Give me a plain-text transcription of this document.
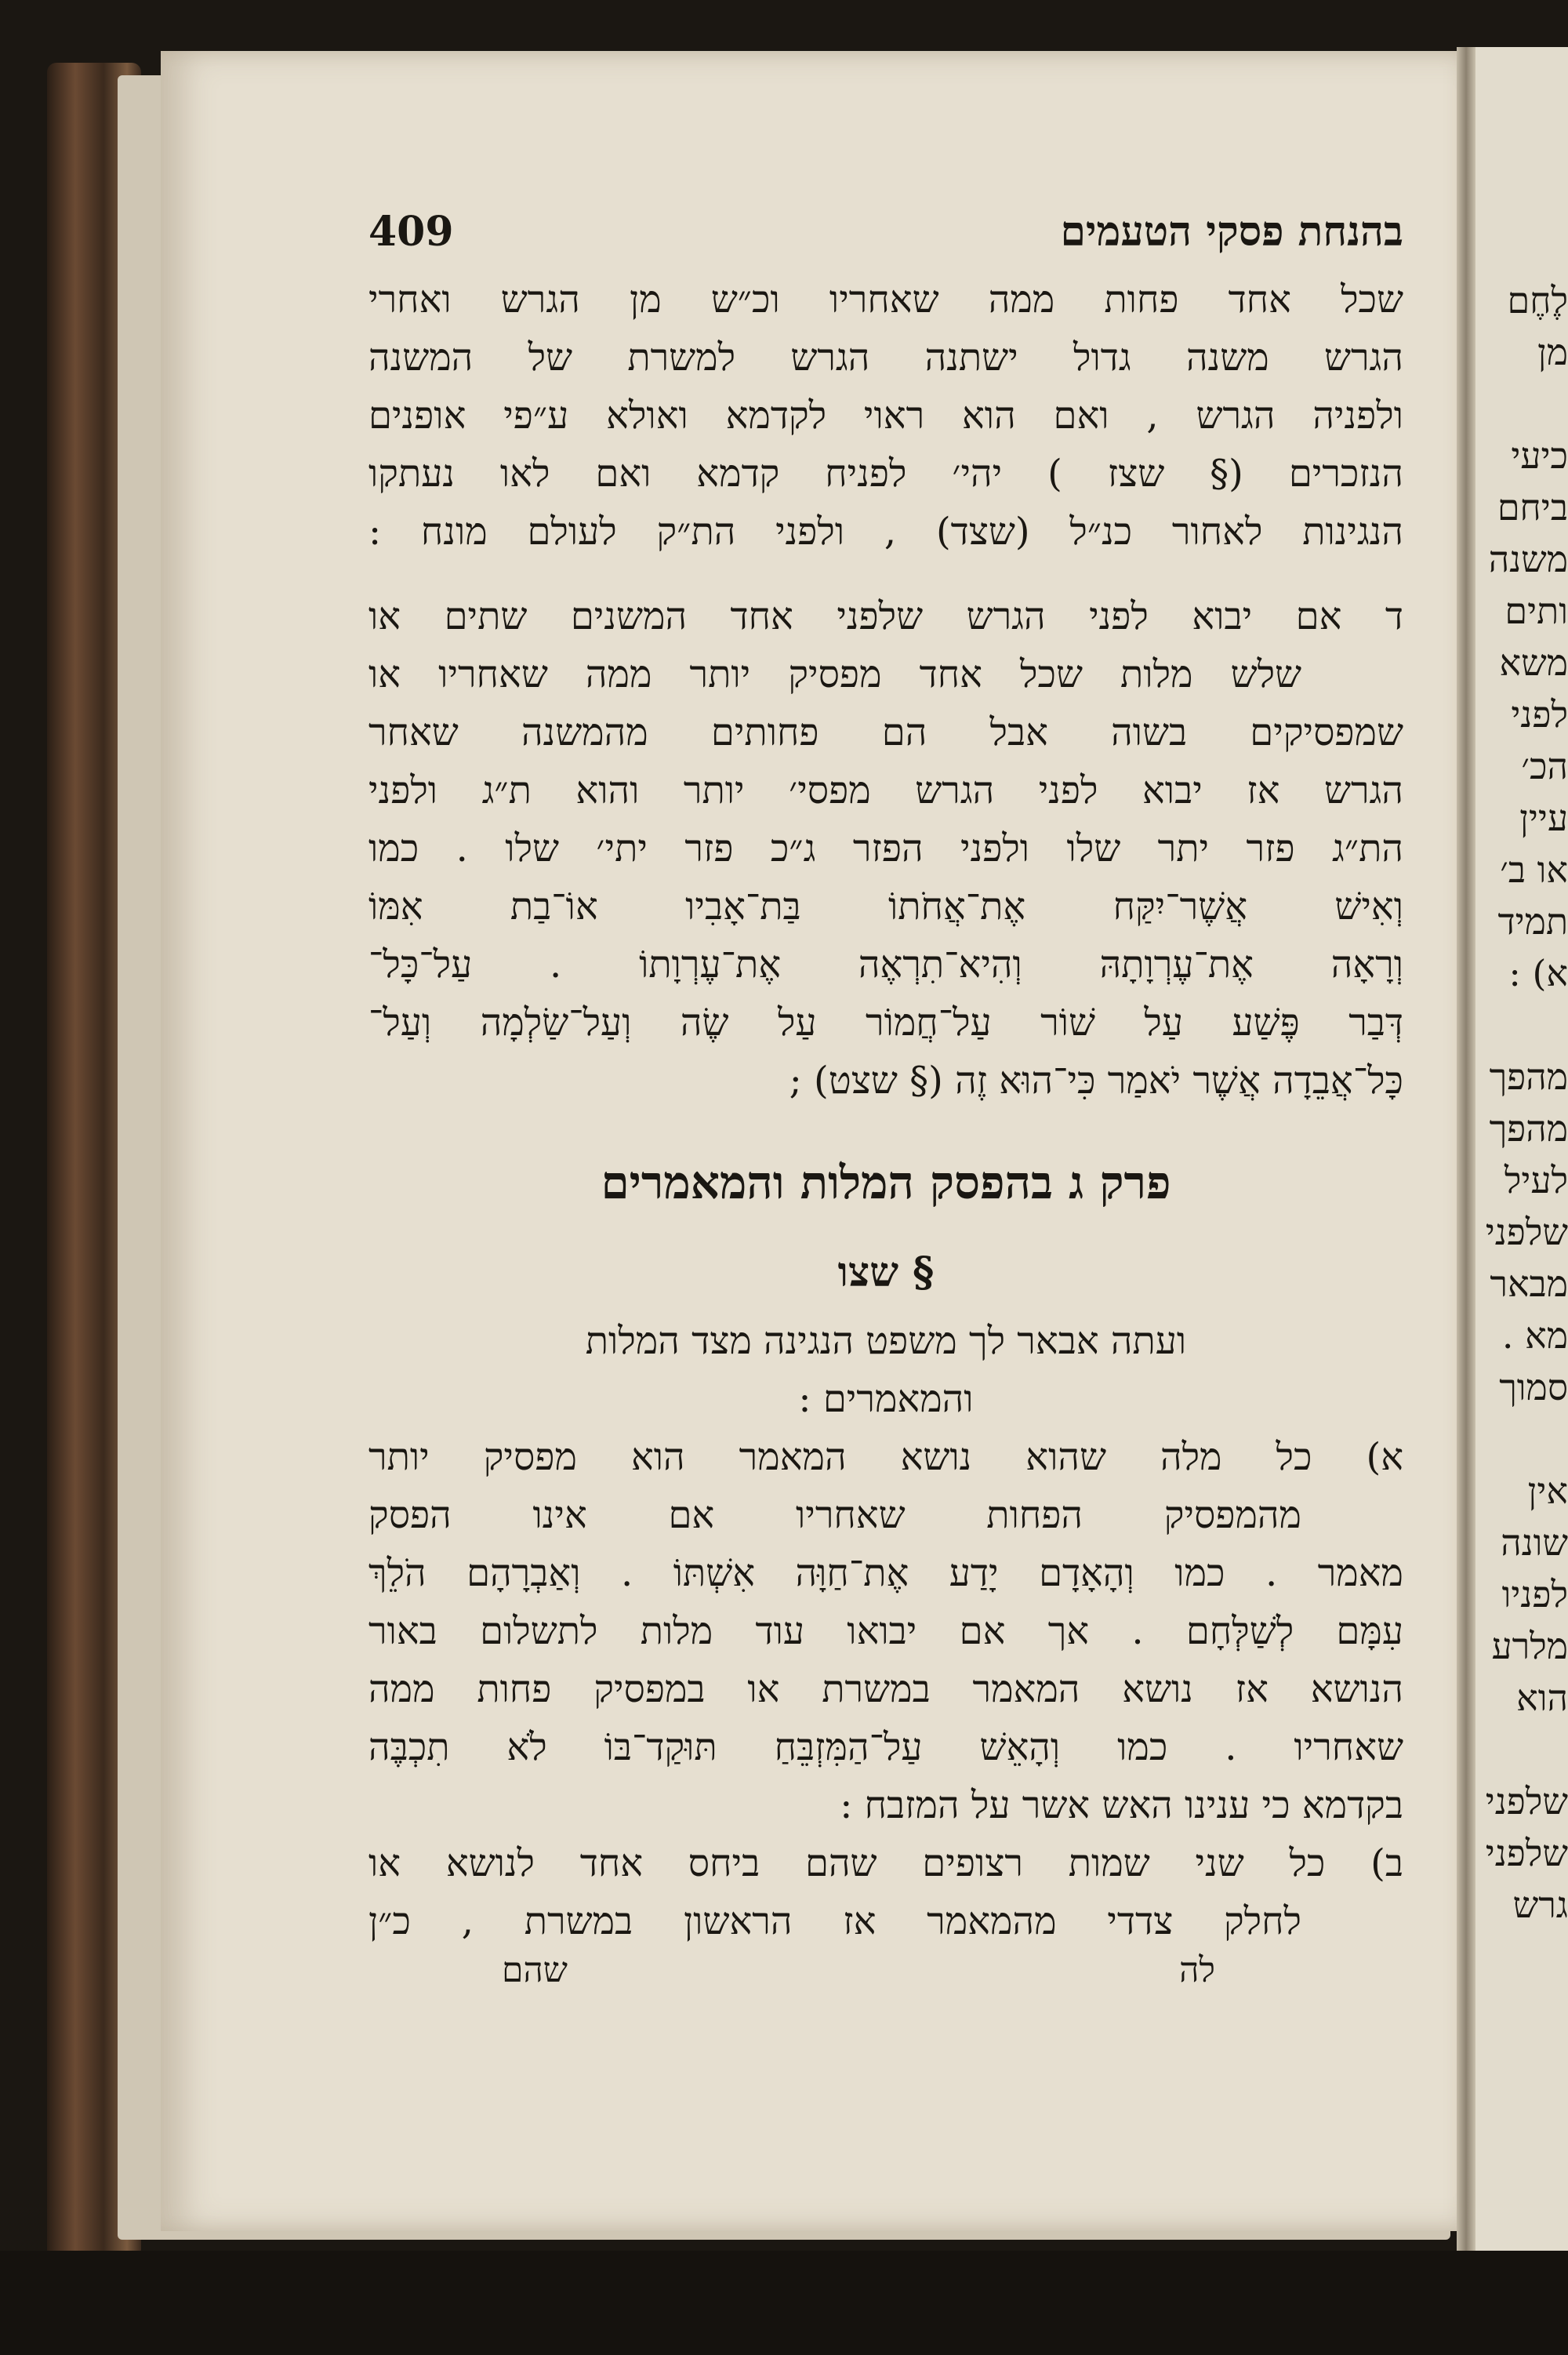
בהנחת פסקי הטעמים
409
שכל אחד פחות ממה שאחריו וכ״ש מן הגרש ואחרי
הגרש משנה גדול ישתנה הגרש למשרת של המשנה
ולפניה הגרש , ואם הוא ראוי לקדמא ואולא ע״פי אופנים
הנזכרים (§ שצז ) יהי׳ לפניח קדמא ואם לאו נעתקו
הנגינות לאחור כנ״ל (שצד) , ולפני הת״ק לעולם מונח :
ד אם יבוא לפני הגרש שלפני אחד המשנים שתים או
שלש מלות שכל אחד מפסיק יותר ממה שאחריו או
שמפסיקים בשוה אבל הם פחותים מהמשנה שאחר
הגרש אז יבוא לפני הגרש מפסי׳ יותר והוא ת״ג ולפני
הת״ג פזר יתר שלו ולפני הפזר ג״כ פזר יתי׳ שלו . כמו
וְאִישׁ אֲשֶׁר־יִקַּח אֶת־אֲחֹתוֹ בַּת־אָבִיו אוֹ־בַת אִמּוֹ
וְרָאָה אֶת־עֶרְוָתָהּ וְהִיא־תִרְאֶה אֶת־עֶרְוָתוֹ . עַל־כָּל־
דְּבַר פֶּשַׁע עַל שׁוֹר עַל־חֲמוֹר עַל שֶׂה וְעַל־שַׂלְמָה וְעַל־
כָּל־אֲבֵדָה אֲשֶׁר יֹאמַר כִּי־הוּא זֶה (§ שצט) ;
פרק ג בהפסק המלות והמאמרים
§ שצו
ועתה אבאר לך משפט הנגינה מצד המלות
והמאמרים :
א) כל מלה שהוא נושא המאמר הוא מפסיק יותר
מהמפסיק הפחות שאחריו אם אינו הפסק
מאמר . כמו וְהָאָדָם יָדַע אֶת־חַוָּה אִשְׁתּוֹ . וְאַבְרָהָם הֹלֵךְ
עִמָּם לְשַׁלְּחָם . אך אם יבואו עוד מלות לתשלום באור
הנושא אז נושא המאמר במשרת או במפסיק פחות ממה
שאחריו . כמו וְהָאֵשׁ עַל־הַמִּזְבֵּחַ תּוּקַד־בּוֹ לֹא תִכְבֶּה
בקדמא כי ענינו האש אשר על המזבח :
ב) כל שני שמות רצופים שהם ביחס אחד לנושא או
לחלק צדדי מהמאמר אז הראשון במשרת , כ״ן
לה
שהם
לֶחֶם
מן
כיעי
ביחם
משנה
ותים
משא
לפני
הכ׳
עיין
או ב׳
תמיד
א) :
מהפך
מהפך
לעיל
שלפני
מבאר
מא .
סמוך
אין
שונה
לפניו
מלרע
הוא
שלפני
שלפני
גרש
